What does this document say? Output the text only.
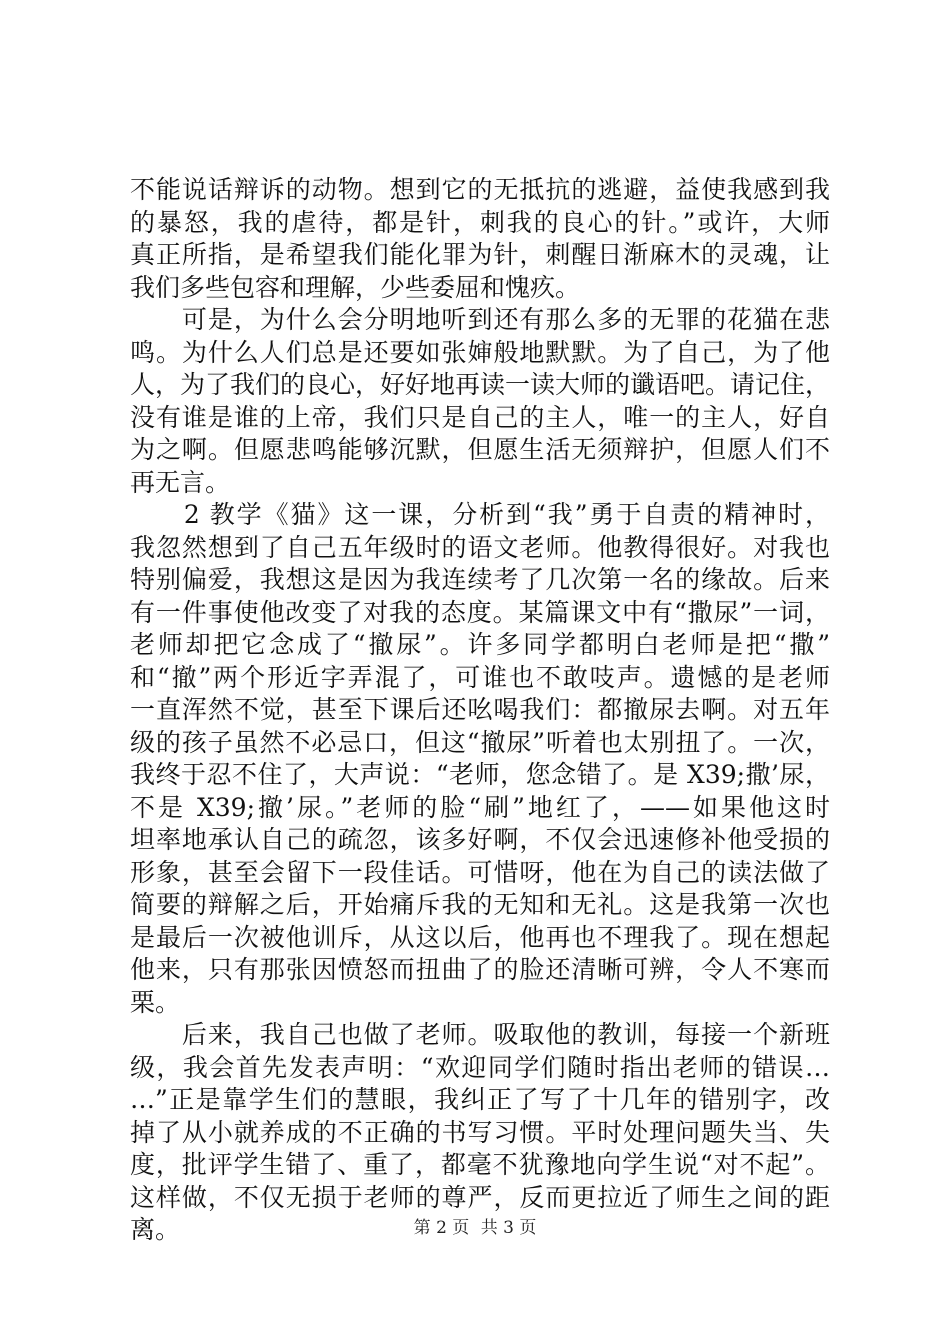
不能说话辩诉的动物。想到它的无抵抗的逃避，益使我感到我
的暴怒，我的虐待，都是针，刺我的良心的针。”或许，大师
真正所指，是希望我们能化罪为针，刺醒日渐麻木的灵魂，让
我们多些包容和理解，少些委屈和愧疚。
　　可是，为什么会分明地听到还有那么多的无罪的花猫在悲
鸣。为什么人们总是还要如张婶般地默默。为了自己，为了他
人，为了我们的良心，好好地再读一读大师的谶语吧。请记住，
没有谁是谁的上帝，我们只是自己的主人，唯一的主人，好自
为之啊。但愿悲鸣能够沉默，但愿生活无须辩护，但愿人们不
再无言。
　　2 教学《猫》这一课，分析到“我”勇于自责的精神时，
我忽然想到了自己五年级时的语文老师。他教得很好。对我也
特别偏爱，我想这是因为我连续考了几次第一名的缘故。后来
有一件事使他改变了对我的态度。某篇课文中有“撒尿”一词，
老师却把它念成了“撤尿”。许多同学都明白老师是把“撒”
和“撤”两个形近字弄混了，可谁也不敢吱声。遗憾的是老师
一直浑然不觉，甚至下课后还吆喝我们：都撤尿去啊。对五年
级的孩子虽然不必忌口，但这“撤尿”听着也太别扭了。一次，
我终于忍不住了，大声说：“老师，您念错了。是 X39;撒’尿，
不是 X39;撤’尿。”老师的脸“刷”地红了，——如果他这时
坦率地承认自己的疏忽，该多好啊，不仅会迅速修补他受损的
形象，甚至会留下一段佳话。可惜呀，他在为自己的读法做了
简要的辩解之后，开始痛斥我的无知和无礼。这是我第一次也
是最后一次被他训斥，从这以后，他再也不理我了。现在想起
他来，只有那张因愤怒而扭曲了的脸还清晰可辨，令人不寒而
栗。
　　后来，我自己也做了老师。吸取他的教训，每接一个新班
级，我会首先发表声明：“欢迎同学们随时指出老师的错误…
…”正是靠学生们的慧眼，我纠正了写了十几年的错别字，改
掉了从小就养成的不正确的书写习惯。平时处理问题失当、失
度，批评学生错了、重了，都毫不犹豫地向学生说“对不起”。
这样做，不仅无损于老师的尊严，反而更拉近了师生之间的距
离。	第 2 页 共 3 页
